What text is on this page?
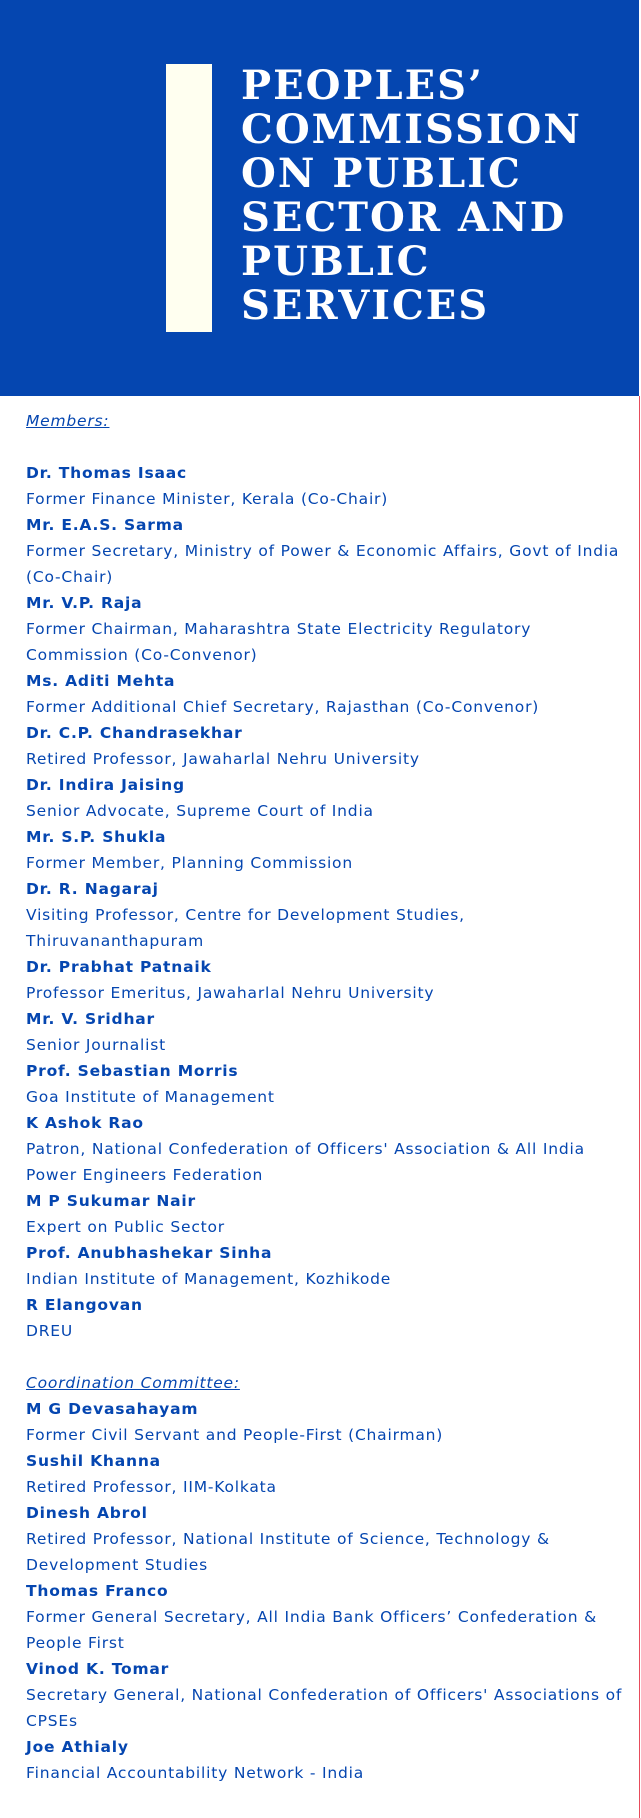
PEOPLES’
COMMISSION
ON PUBLIC
SECTOR AND
PUBLIC
SERVICES
Members:
Dr. Thomas Isaac
Former Finance Minister, Kerala (Co-Chair)
Mr. E.A.S. Sarma
Former Secretary, Ministry of Power & Economic Affairs, Govt of India (Co-Chair)
Mr. V.P. Raja
Former Chairman, Maharashtra State Electricity Regulatory Commission (Co-Convenor)
Ms. Aditi Mehta
Former Additional Chief Secretary, Rajasthan (Co-Convenor)
Dr. C.P. Chandrasekhar
Retired Professor, Jawaharlal Nehru University
Dr. Indira Jaising
Senior Advocate, Supreme Court of India
Mr. S.P. Shukla
Former Member, Planning Commission
Dr. R. Nagaraj
Visiting Professor, Centre for Development Studies, Thiruvananthapuram
Dr. Prabhat Patnaik
Professor Emeritus, Jawaharlal Nehru University
Mr. V. Sridhar
Senior Journalist
Prof. Sebastian Morris
Goa Institute of Management
K Ashok Rao
Patron, National Confederation of Officers' Association & All India Power Engineers Federation
M P Sukumar Nair
Expert on Public Sector
Prof. Anubhashekar Sinha
Indian Institute of Management, Kozhikode
R Elangovan
DREU
Coordination Committee:
M G Devasahayam
Former Civil Servant and People-First (Chairman)
Sushil Khanna
Retired Professor, IIM-Kolkata
Dinesh Abrol
Retired Professor, National Institute of Science, Technology & Development Studies
Thomas Franco
Former General Secretary, All India Bank Officers’ Confederation & People First
Vinod K. Tomar
Secretary General, National Confederation of Officers' Associations of CPSEs
Joe Athialy
Financial Accountability Network - India
